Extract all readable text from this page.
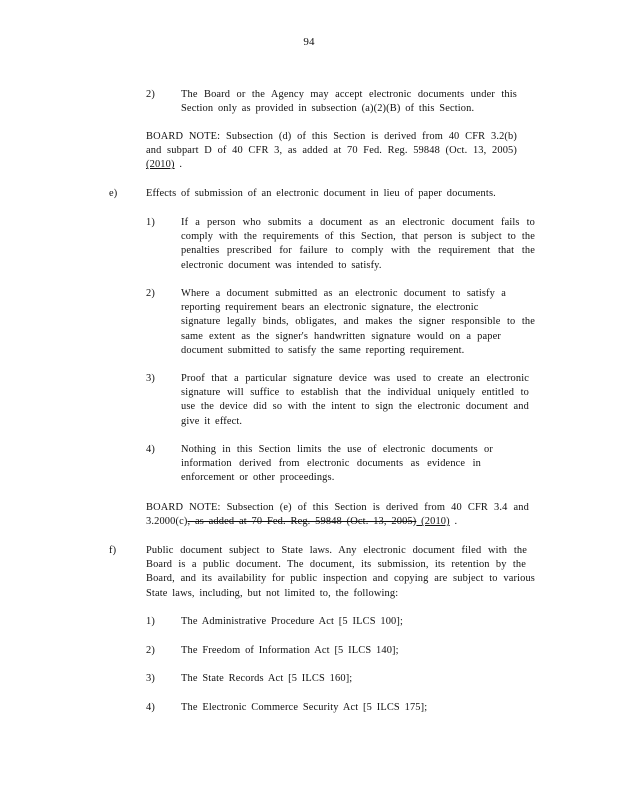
94
2)	The Board or the Agency may accept electronic documents under this
Section only as provided in subsection (a)(2)(B) of this Section.
BOARD NOTE: Subsection (d) of this Section is derived from 40 CFR 3.2(b)
and subpart D of 40 CFR 3, as added at 70 Fed. Reg. 59848 (Oct. 13, 2005)
(2010) .
e)	Effects of submission of an electronic document in lieu of paper documents.
1)	If a person who submits a document as an electronic document fails to
comply with the requirements of this Section, that person is subject to the
penalties prescribed for failure to comply with the requirement that the
electronic document was intended to satisfy.
2)	Where a document submitted as an electronic document to satisfy a
reporting requirement bears an electronic signature, the electronic
signature legally binds, obligates, and makes the signer responsible to the
same extent as the signer's handwritten signature would on a paper
document submitted to satisfy the same reporting requirement.
3)	Proof that a particular signature device was used to create an electronic
signature will suffice to establish that the individual uniquely entitled to
use the device did so with the intent to sign the electronic document and
give it effect.
4)	Nothing in this Section limits the use of electronic documents or
information derived from electronic documents as evidence in
enforcement or other proceedings.
BOARD NOTE: Subsection (e) of this Section is derived from 40 CFR 3.4 and
3.2000(c), as added at 70 Fed. Reg. 59848 (Oct. 13, 2005) (2010) .
f)	Public document subject to State laws. Any electronic document filed with the
Board is a public document. The document, its submission, its retention by the
Board, and its availability for public inspection and copying are subject to various
State laws, including, but not limited to, the following:
1)	The Administrative Procedure Act [5 ILCS 100];
2)	The Freedom of Information Act [5 ILCS 140];
3)	The State Records Act [5 ILCS 160];
4)	The Electronic Commerce Security Act [5 ILCS 175];
